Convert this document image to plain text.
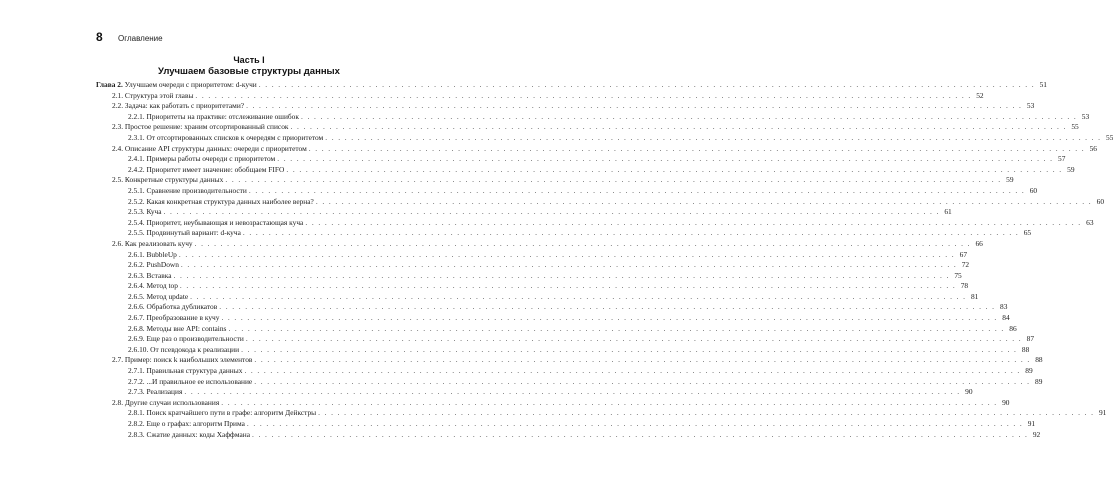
8	Оглавление
Часть I
Улучшаем базовые структуры данных
Глава 2. Улучшаем очереди с приоритетом: d-кучи . . . . . . . . . . . . . . . . . . . . . . . . . . . . . . . . . . . . . . . . . . . . . . . . . . . . . . . . . . . . . . . . . . . . . . . . . . . . . . . . . . . . . . . . . . . . . . . . . . . . . . . . . . . . . . . . . . . . . . . . 51
2.1. Структура этой главы . . . . . . . . . . . . . . . . . . . . . . . . . . . . . . . . . . . . . . . . . . . . . . . . . . . . . . . . . . . . . . . . . . . . . . . . . . . . . . . . . . . . . . . . . . . . . . . . . . . . . . . . . . . . . . . . . . . . . . . . 52
2.2. Задача: как работать с приоритетами? . . . . . . . . . . . . . . . . . . . . . . . . . . . . . . . . . . . . . . . . . . . . . . . . . . . . . . . . . . . . . . . . . . . . . . . . . . . . . . . . . . . . . . . . . . . . . . . . . . . . . . . . . . . . . . . . . . . . . . . . 53
2.2.1. Приоритеты на практике: отслеживание ошибок . . . . . . . . . . . . . . . . . . . . . . . . . . . . . . . . . . . . . . . . . . . . . . . . . . . . . . . . . . . . . . . . . . . . . . . . . . . . . . . . . . . . . . . . . . . . . . . . . . . . . . . . . . . . . . . . . . . . . . . . 53
2.3. Простое решение: храним отсортированный список . . . . . . . . . . . . . . . . . . . . . . . . . . . . . . . . . . . . . . . . . . . . . . . . . . . . . . . . . . . . . . . . . . . . . . . . . . . . . . . . . . . . . . . . . . . . . . . . . . . . . . . . . . . . . . . . . . . . . . . . 55
2.3.1. От отсортированных списков к очередям с приоритетом . . . . . . . . . . . . . . . . . . . . . . . . . . . . . . . . . . . . . . . . . . . . . . . . . . . . . . . . . . . . . . . . . . . . . . . . . . . . . . . . . . . . . . . . . . . . . . . . . . . . . . . . . . . . . . . . . . . . . . . . 55
2.4. Описание API структуры данных: очереди с приоритетом . . . . . . . . . . . . . . . . . . . . . . . . . . . . . . . . . . . . . . . . . . . . . . . . . . . . . . . . . . . . . . . . . . . . . . . . . . . . . . . . . . . . . . . . . . . . . . . . . . . . . . . . . . . . . . . . . . . . . . . . 56
2.4.1. Примеры работы очереди с приоритетом . . . . . . . . . . . . . . . . . . . . . . . . . . . . . . . . . . . . . . . . . . . . . . . . . . . . . . . . . . . . . . . . . . . . . . . . . . . . . . . . . . . . . . . . . . . . . . . . . . . . . . . . . . . . . . . . . . . . . . . . 57
2.4.2. Приоритет имеет значение: обобщаем FIFO . . . . . . . . . . . . . . . . . . . . . . . . . . . . . . . . . . . . . . . . . . . . . . . . . . . . . . . . . . . . . . . . . . . . . . . . . . . . . . . . . . . . . . . . . . . . . . . . . . . . . . . . . . . . . . . . . . . . . . . . 59
2.5. Конкретные структуры данных . . . . . . . . . . . . . . . . . . . . . . . . . . . . . . . . . . . . . . . . . . . . . . . . . . . . . . . . . . . . . . . . . . . . . . . . . . . . . . . . . . . . . . . . . . . . . . . . . . . . . . . . . . . . . . . . . . . . . . . . 59
2.5.1. Сравнение производительности . . . . . . . . . . . . . . . . . . . . . . . . . . . . . . . . . . . . . . . . . . . . . . . . . . . . . . . . . . . . . . . . . . . . . . . . . . . . . . . . . . . . . . . . . . . . . . . . . . . . . . . . . . . . . . . . . . . . . . . . 60
2.5.2. Какая конкретная структура данных наиболее верна? . . . . . . . . . . . . . . . . . . . . . . . . . . . . . . . . . . . . . . . . . . . . . . . . . . . . . . . . . . . . . . . . . . . . . . . . . . . . . . . . . . . . . . . . . . . . . . . . . . . . . . . . . . . . . . . . . . . . . . . . 60
2.5.3. Куча . . . . . . . . . . . . . . . . . . . . . . . . . . . . . . . . . . . . . . . . . . . . . . . . . . . . . . . . . . . . . . . . . . . . . . . . . . . . . . . . . . . . . . . . . . . . . . . . . . . . . . . . . . . . . . . . . . . . . . . . 61
2.5.4. Приоритет, неубывающая и невозрастающая куча . . . . . . . . . . . . . . . . . . . . . . . . . . . . . . . . . . . . . . . . . . . . . . . . . . . . . . . . . . . . . . . . . . . . . . . . . . . . . . . . . . . . . . . . . . . . . . . . . . . . . . . . . . . . . . . . . . . . . . . . 63
2.5.5. Продвинутый вариант: d-куча . . . . . . . . . . . . . . . . . . . . . . . . . . . . . . . . . . . . . . . . . . . . . . . . . . . . . . . . . . . . . . . . . . . . . . . . . . . . . . . . . . . . . . . . . . . . . . . . . . . . . . . . . . . . . . . . . . . . . . . . 65
2.6. Как реализовать кучу . . . . . . . . . . . . . . . . . . . . . . . . . . . . . . . . . . . . . . . . . . . . . . . . . . . . . . . . . . . . . . . . . . . . . . . . . . . . . . . . . . . . . . . . . . . . . . . . . . . . . . . . . . . . . . . . . . . . . . . . 66
2.6.1. BubbleUp . . . . . . . . . . . . . . . . . . . . . . . . . . . . . . . . . . . . . . . . . . . . . . . . . . . . . . . . . . . . . . . . . . . . . . . . . . . . . . . . . . . . . . . . . . . . . . . . . . . . . . . . . . . . . . . . . . . . . . . . 67
2.6.2. PushDown . . . . . . . . . . . . . . . . . . . . . . . . . . . . . . . . . . . . . . . . . . . . . . . . . . . . . . . . . . . . . . . . . . . . . . . . . . . . . . . . . . . . . . . . . . . . . . . . . . . . . . . . . . . . . . . . . . . . . . . . 72
2.6.3. Вставка . . . . . . . . . . . . . . . . . . . . . . . . . . . . . . . . . . . . . . . . . . . . . . . . . . . . . . . . . . . . . . . . . . . . . . . . . . . . . . . . . . . . . . . . . . . . . . . . . . . . . . . . . . . . . . . . . . . . . . . . 75
2.6.4. Метод top . . . . . . . . . . . . . . . . . . . . . . . . . . . . . . . . . . . . . . . . . . . . . . . . . . . . . . . . . . . . . . . . . . . . . . . . . . . . . . . . . . . . . . . . . . . . . . . . . . . . . . . . . . . . . . . . . . . . . . . . 78
2.6.5. Метод update . . . . . . . . . . . . . . . . . . . . . . . . . . . . . . . . . . . . . . . . . . . . . . . . . . . . . . . . . . . . . . . . . . . . . . . . . . . . . . . . . . . . . . . . . . . . . . . . . . . . . . . . . . . . . . . . . . . . . . . . 81
2.6.6. Обработка дубликатов . . . . . . . . . . . . . . . . . . . . . . . . . . . . . . . . . . . . . . . . . . . . . . . . . . . . . . . . . . . . . . . . . . . . . . . . . . . . . . . . . . . . . . . . . . . . . . . . . . . . . . . . . . . . . . . . . . . . . . . . 83
2.6.7. Преобразование в кучу . . . . . . . . . . . . . . . . . . . . . . . . . . . . . . . . . . . . . . . . . . . . . . . . . . . . . . . . . . . . . . . . . . . . . . . . . . . . . . . . . . . . . . . . . . . . . . . . . . . . . . . . . . . . . . . . . . . . . . . . 84
2.6.8. Методы вне API: contains . . . . . . . . . . . . . . . . . . . . . . . . . . . . . . . . . . . . . . . . . . . . . . . . . . . . . . . . . . . . . . . . . . . . . . . . . . . . . . . . . . . . . . . . . . . . . . . . . . . . . . . . . . . . . . . . . . . . . . . . 86
2.6.9. Еще раз о производительности . . . . . . . . . . . . . . . . . . . . . . . . . . . . . . . . . . . . . . . . . . . . . . . . . . . . . . . . . . . . . . . . . . . . . . . . . . . . . . . . . . . . . . . . . . . . . . . . . . . . . . . . . . . . . . . . . . . . . . . . 87
2.6.10. От псевдокода к реализации . . . . . . . . . . . . . . . . . . . . . . . . . . . . . . . . . . . . . . . . . . . . . . . . . . . . . . . . . . . . . . . . . . . . . . . . . . . . . . . . . . . . . . . . . . . . . . . . . . . . . . . . . . . . . . . . . . . . . . . . 88
2.7. Пример: поиск k наибольших элементов . . . . . . . . . . . . . . . . . . . . . . . . . . . . . . . . . . . . . . . . . . . . . . . . . . . . . . . . . . . . . . . . . . . . . . . . . . . . . . . . . . . . . . . . . . . . . . . . . . . . . . . . . . . . . . . . . . . . . . . . 88
2.7.1. Правильная структура данных . . . . . . . . . . . . . . . . . . . . . . . . . . . . . . . . . . . . . . . . . . . . . . . . . . . . . . . . . . . . . . . . . . . . . . . . . . . . . . . . . . . . . . . . . . . . . . . . . . . . . . . . . . . . . . . . . . . . . . . . 89
2.7.2. ...И правильное ее использование . . . . . . . . . . . . . . . . . . . . . . . . . . . . . . . . . . . . . . . . . . . . . . . . . . . . . . . . . . . . . . . . . . . . . . . . . . . . . . . . . . . . . . . . . . . . . . . . . . . . . . . . . . . . . . . . . . . . . . . . 89
2.7.3. Реализация . . . . . . . . . . . . . . . . . . . . . . . . . . . . . . . . . . . . . . . . . . . . . . . . . . . . . . . . . . . . . . . . . . . . . . . . . . . . . . . . . . . . . . . . . . . . . . . . . . . . . . . . . . . . . . . . . . . . . . . . 90
2.8. Другие случаи использования . . . . . . . . . . . . . . . . . . . . . . . . . . . . . . . . . . . . . . . . . . . . . . . . . . . . . . . . . . . . . . . . . . . . . . . . . . . . . . . . . . . . . . . . . . . . . . . . . . . . . . . . . . . . . . . . . . . . . . . . 90
2.8.1. Поиск кратчайшего пути в графе: алгоритм Дейкстры . . . . . . . . . . . . . . . . . . . . . . . . . . . . . . . . . . . . . . . . . . . . . . . . . . . . . . . . . . . . . . . . . . . . . . . . . . . . . . . . . . . . . . . . . . . . . . . . . . . . . . . . . . . . . . . . . . . . . . . . 91
2.8.2. Еще о графах: алгоритм Прима . . . . . . . . . . . . . . . . . . . . . . . . . . . . . . . . . . . . . . . . . . . . . . . . . . . . . . . . . . . . . . . . . . . . . . . . . . . . . . . . . . . . . . . . . . . . . . . . . . . . . . . . . . . . . . . . . . . . . . . . 91
2.8.3. Сжатие данных: коды Хаффмана . . . . . . . . . . . . . . . . . . . . . . . . . . . . . . . . . . . . . . . . . . . . . . . . . . . . . . . . . . . . . . . . . . . . . . . . . . . . . . . . . . . . . . . . . . . . . . . . . . . . . . . . . . . . . . . . . . . . . . . . 92
